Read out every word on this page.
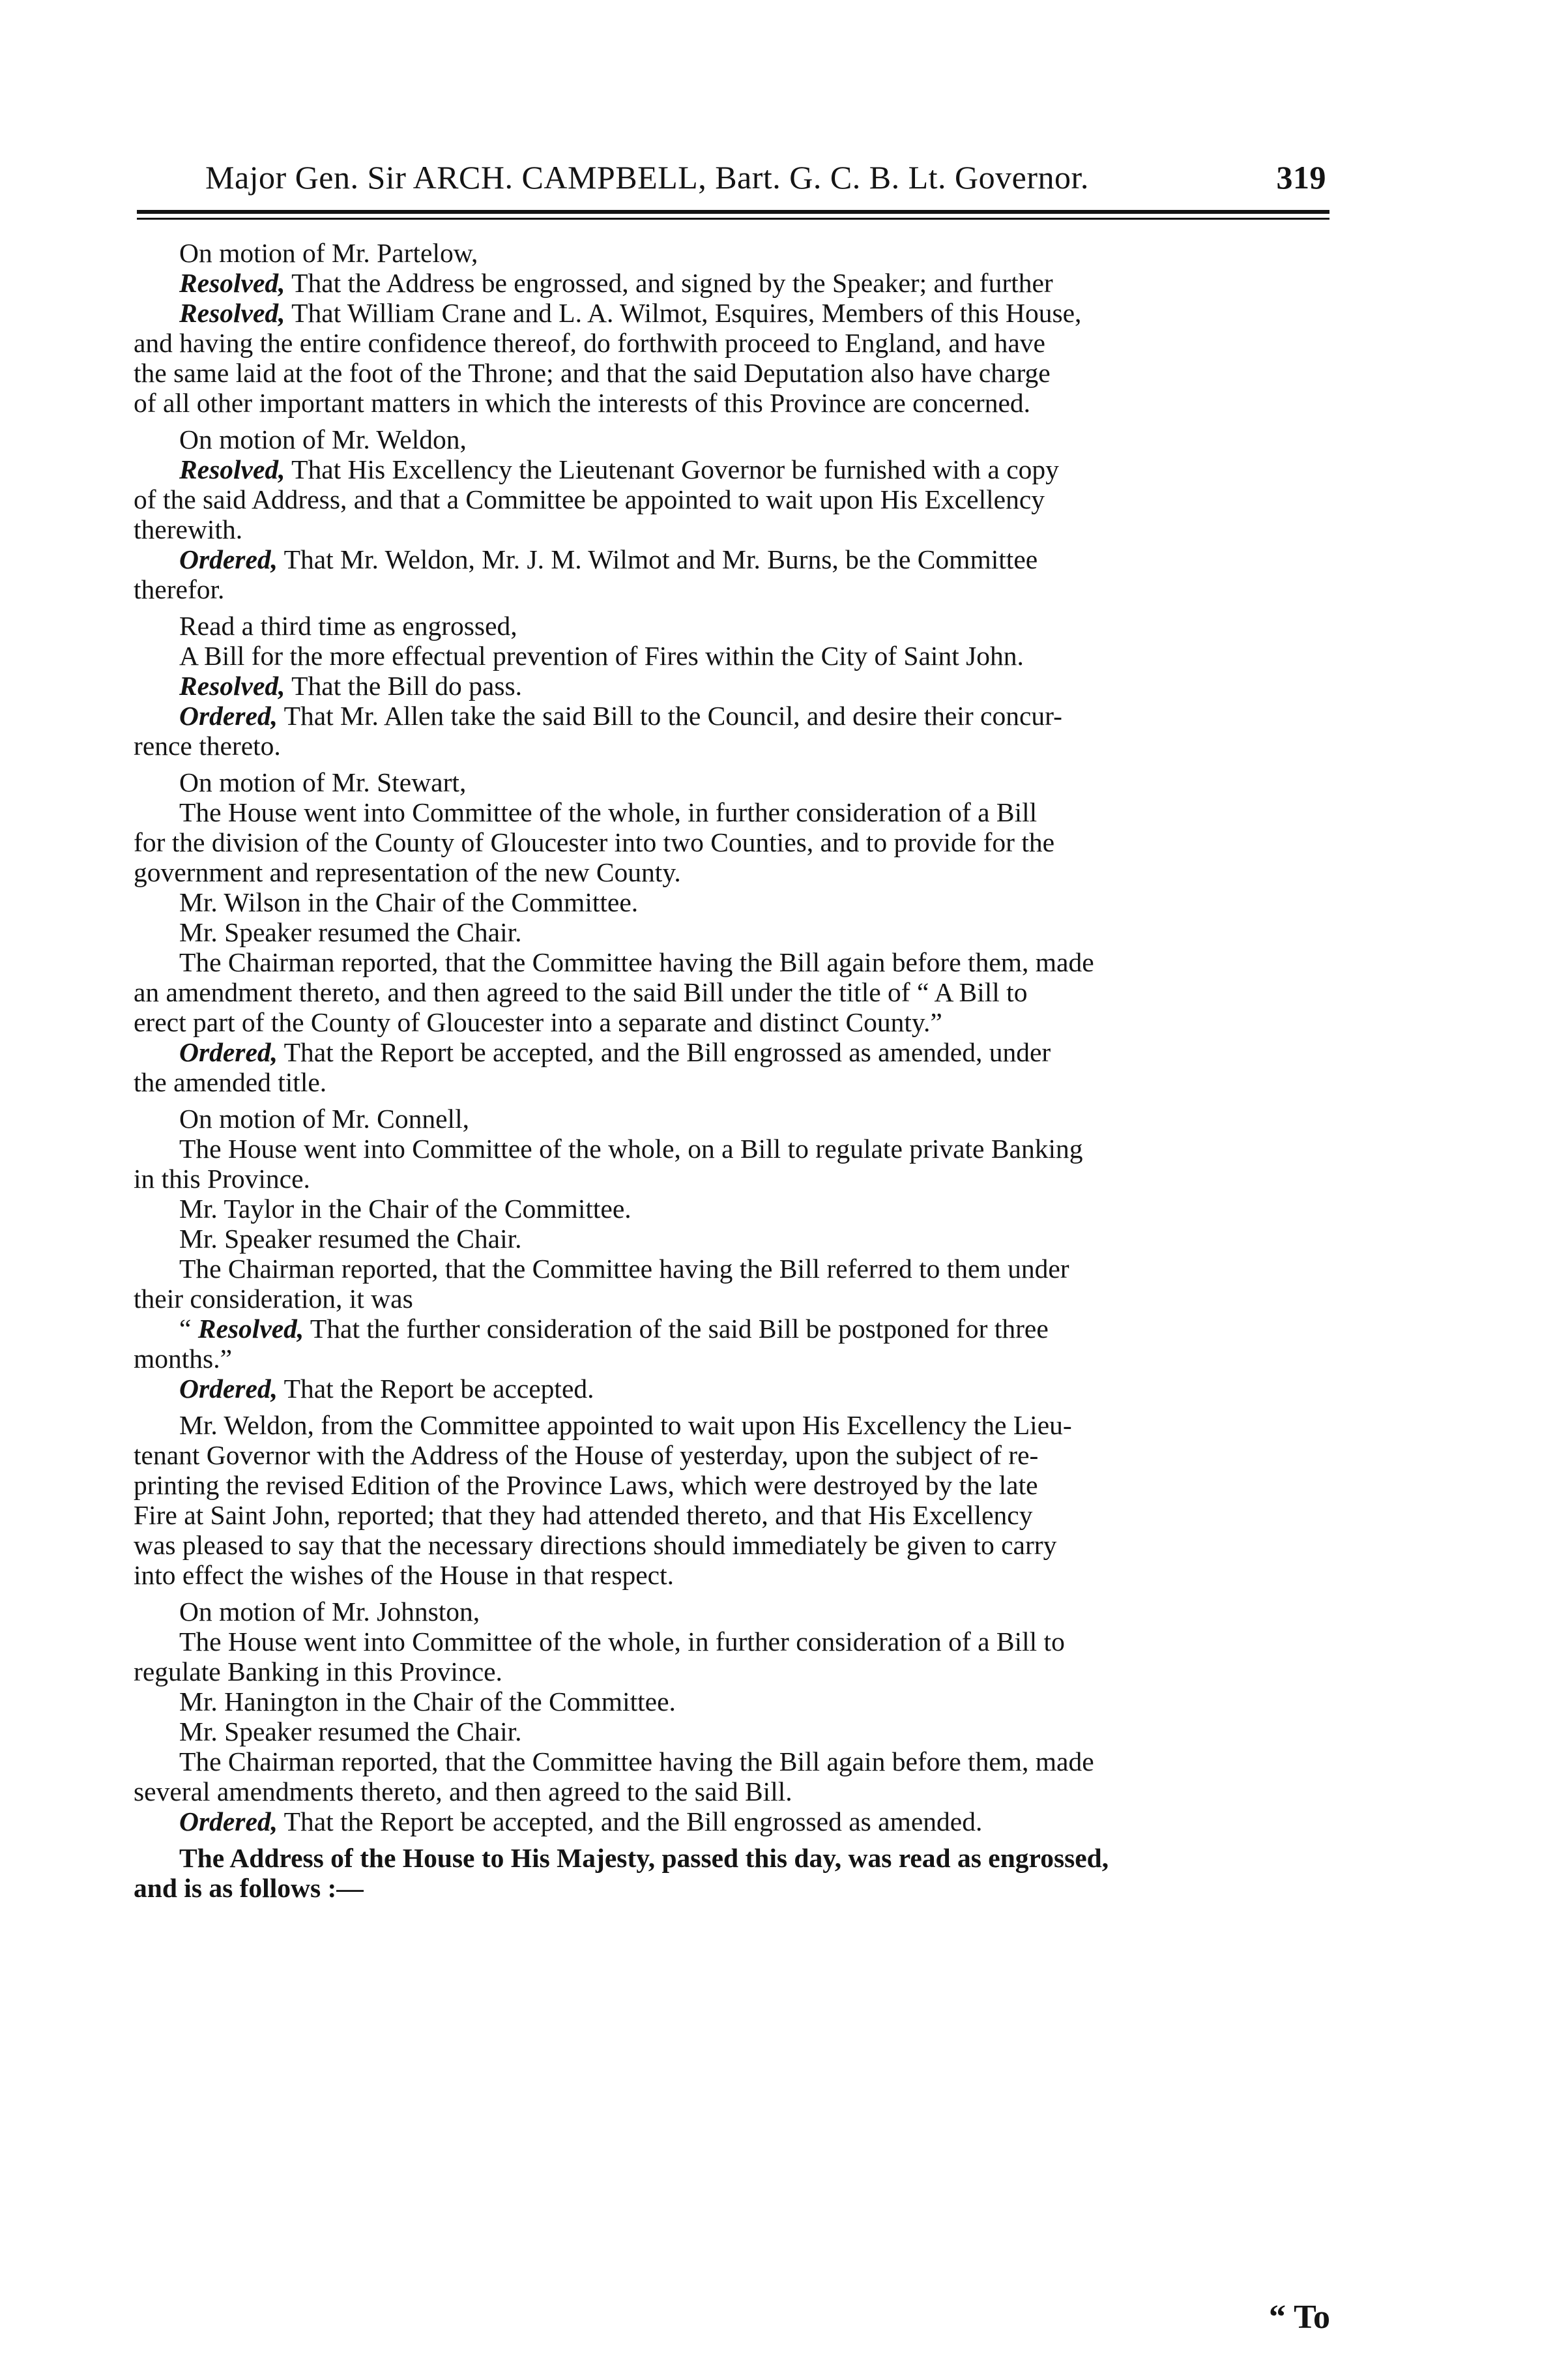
Major Gen. Sir ARCH. CAMPBELL, Bart. G. C. B. Lt. Governor.	319
On motion of Mr. Partelow,
Resolved, That the Address be engrossed, and signed by the Speaker; and further
Resolved, That William Crane and L. A. Wilmot, Esquires, Members of this House,
and having the entire confidence thereof, do forthwith proceed to England, and have
the same laid at the foot of the Throne; and that the said Deputation also have charge
of all other important matters in which the interests of this Province are concerned.
On motion of Mr. Weldon,
Resolved, That His Excellency the Lieutenant Governor be furnished with a copy
of the said Address, and that a Committee be appointed to wait upon His Excellency
therewith.
Ordered, That Mr. Weldon, Mr. J. M. Wilmot and Mr. Burns, be the Committee
therefor.
Read a third time as engrossed,
A Bill for the more effectual prevention of Fires within the City of Saint John.
Resolved, That the Bill do pass.
Ordered, That Mr. Allen take the said Bill to the Council, and desire their concur-
rence thereto.
On motion of Mr. Stewart,
The House went into Committee of the whole, in further consideration of a Bill
for the division of the County of Gloucester into two Counties, and to provide for the
government and representation of the new County.
Mr. Wilson in the Chair of the Committee.
Mr. Speaker resumed the Chair.
The Chairman reported, that the Committee having the Bill again before them, made
an amendment thereto, and then agreed to the said Bill under the title of “ A Bill to
erect part of the County of Gloucester into a separate and distinct County.”
Ordered, That the Report be accepted, and the Bill engrossed as amended, under
the amended title.
On motion of Mr. Connell,
The House went into Committee of the whole, on a Bill to regulate private Banking
in this Province.
Mr. Taylor in the Chair of the Committee.
Mr. Speaker resumed the Chair.
The Chairman reported, that the Committee having the Bill referred to them under
their consideration, it was
“ Resolved, That the further consideration of the said Bill be postponed for three
months.”
Ordered, That the Report be accepted.
Mr. Weldon, from the Committee appointed to wait upon His Excellency the Lieu-
tenant Governor with the Address of the House of yesterday, upon the subject of re-
printing the revised Edition of the Province Laws, which were destroyed by the late
Fire at Saint John, reported; that they had attended thereto, and that His Excellency
was pleased to say that the necessary directions should immediately be given to carry
into effect the wishes of the House in that respect.
On motion of Mr. Johnston,
The House went into Committee of the whole, in further consideration of a Bill to
regulate Banking in this Province.
Mr. Hanington in the Chair of the Committee.
Mr. Speaker resumed the Chair.
The Chairman reported, that the Committee having the Bill again before them, made
several amendments thereto, and then agreed to the said Bill.
Ordered, That the Report be accepted, and the Bill engrossed as amended.
The Address of the House to His Majesty, passed this day, was read as engrossed,
and is as follows :—
“ To
